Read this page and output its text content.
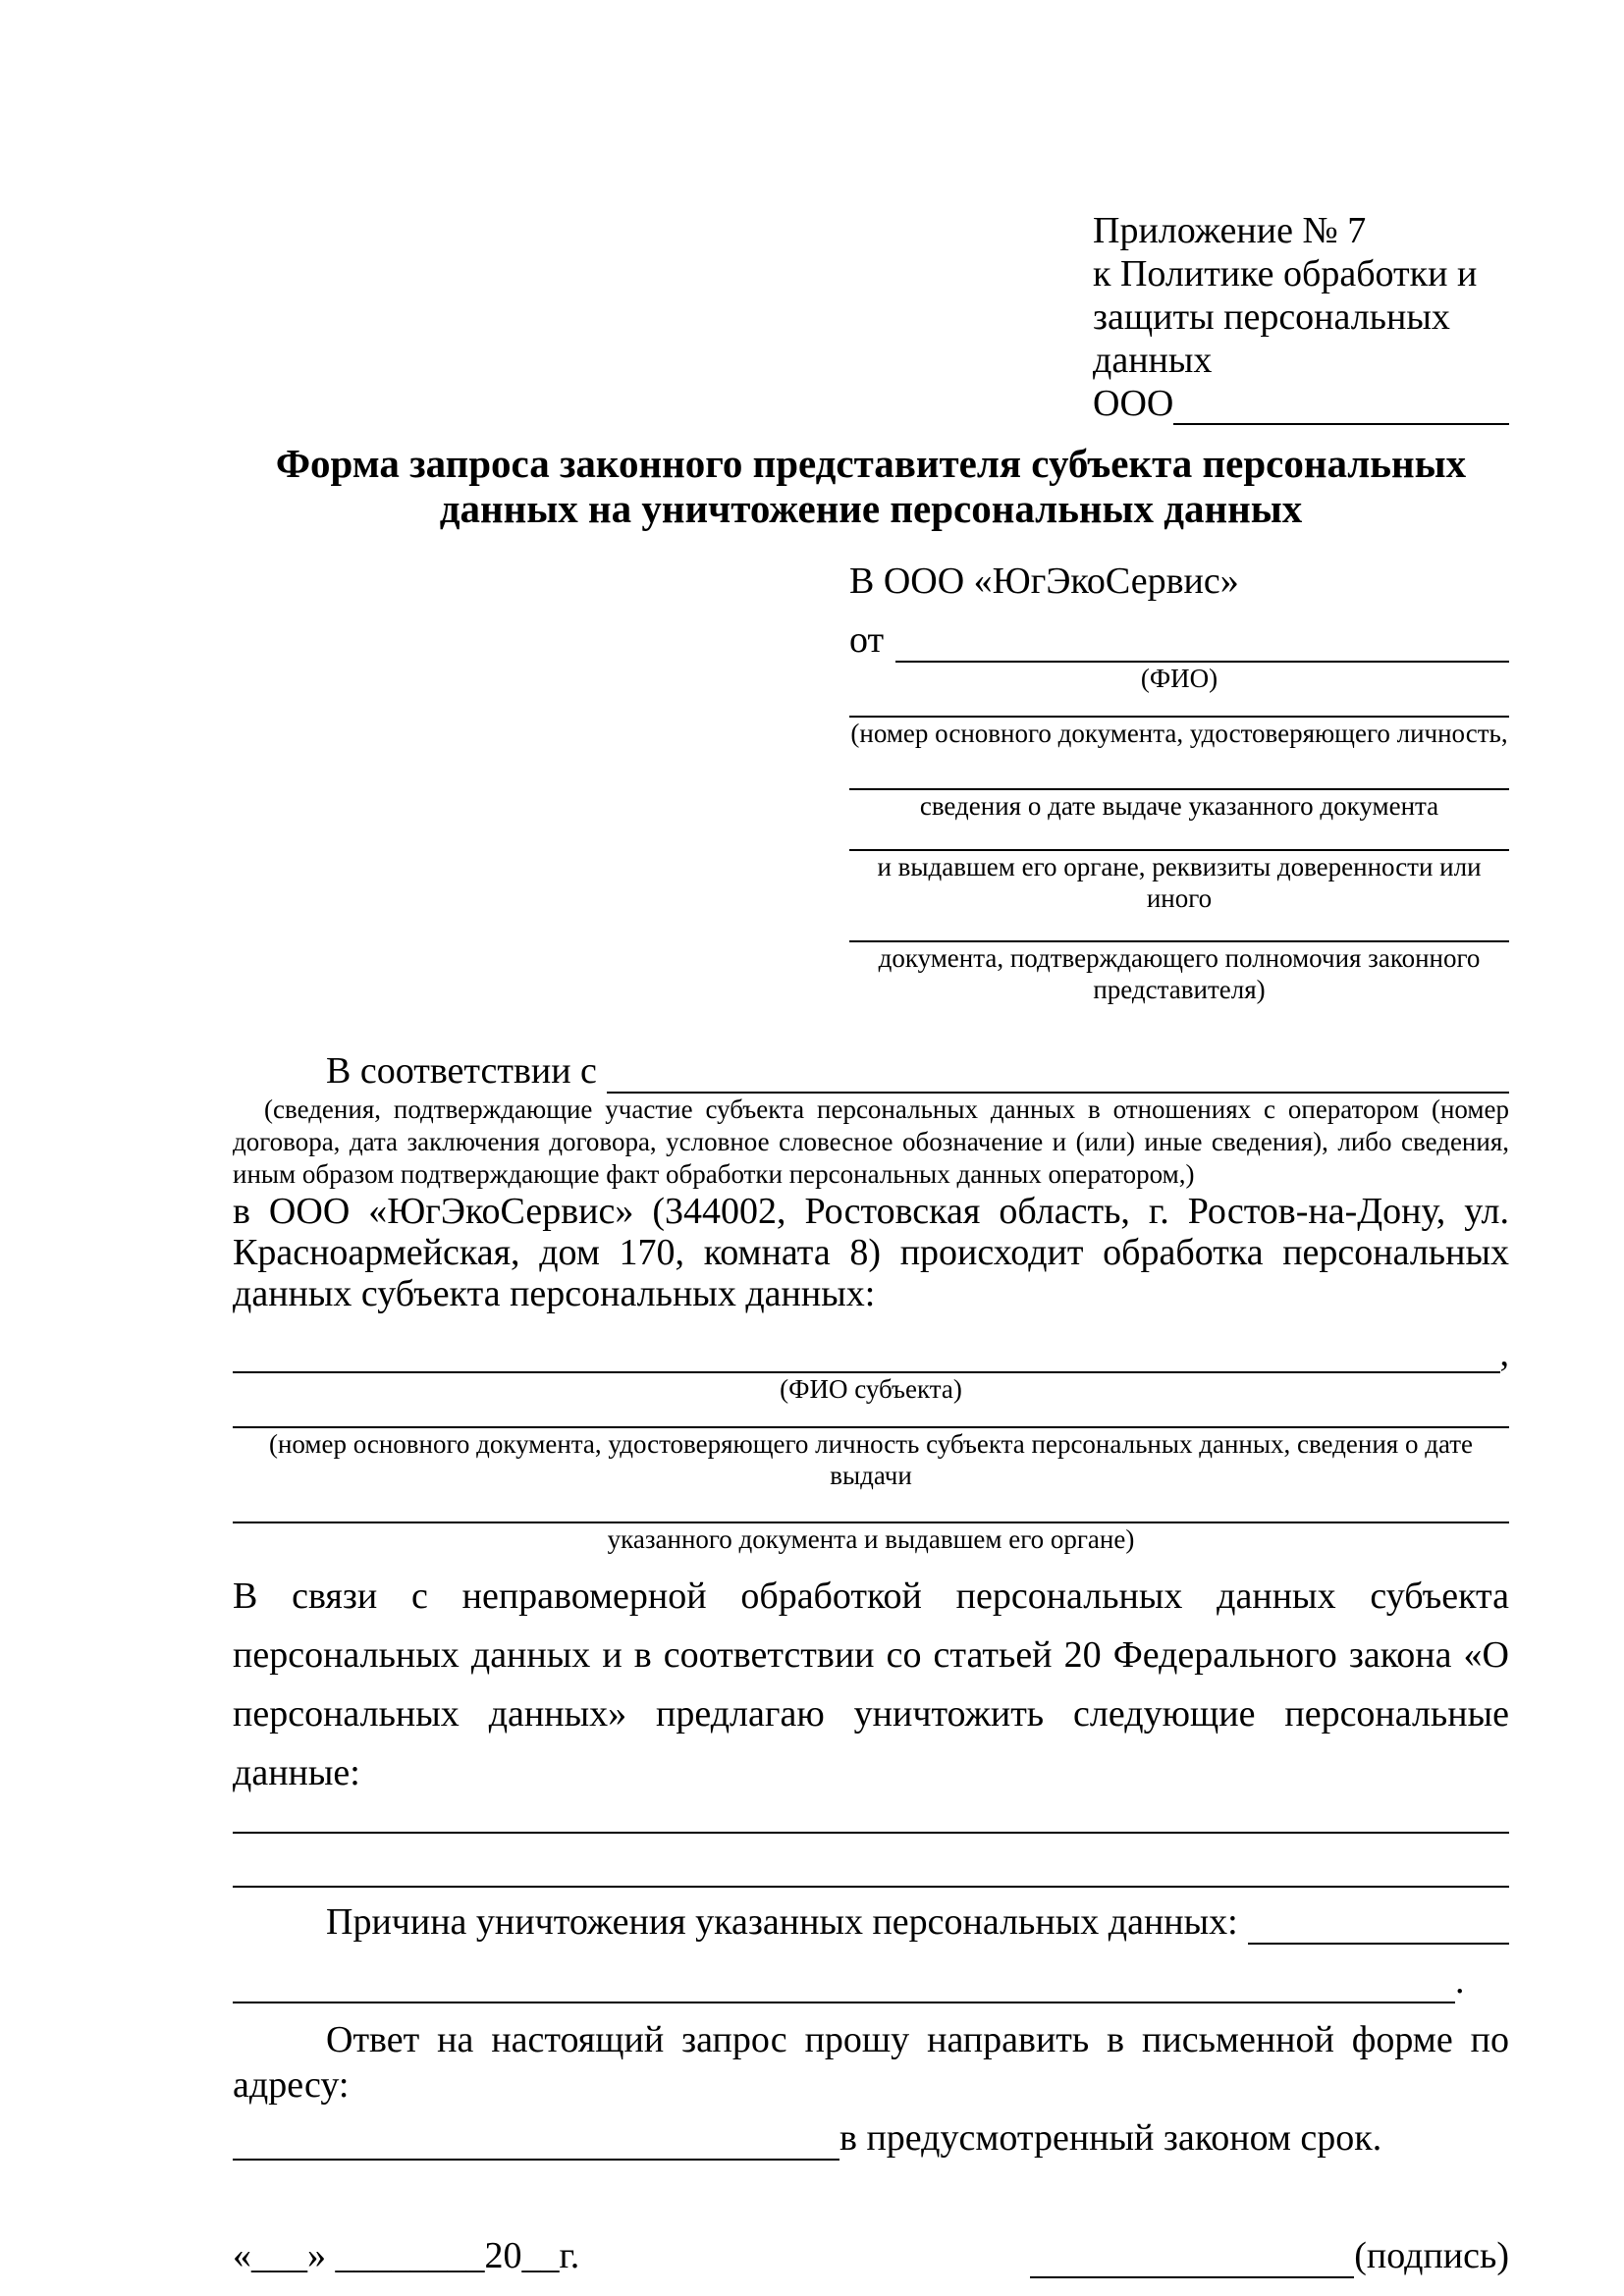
Приложение № 7
к Политике обработки и
защиты персональных данных
ООО
Форма запроса законного представителя субъекта персональных
данных на уничтожение персональных данных
В ООО «ЮгЭкоСервис»
от
(ФИО)
(номер основного документа, удостоверяющего личность,
сведения о дате выдаче указанного документа
и выдавшем его органе, реквизиты доверенности или иного
документа, подтверждающего полномочия законного представителя)
В соответствии с
(сведения, подтверждающие участие субъекта персональных данных в отношениях с оператором (номер договора, дата заключения договора, условное словесное обозначение и (или) иные сведения), либо сведения, иным образом подтверждающие факт обработки персональных данных оператором,)
в ООО «ЮгЭкоСервис» (344002, Ростовская область, г. Ростов-на-Дону, ул. Красноармейская, дом 170, комната 8) происходит обработка персональных данных субъекта персональных данных:
,
(ФИО субъекта)
(номер основного документа, удостоверяющего личность субъекта персональных данных, сведения о дате выдачи
указанного документа и выдавшем его органе)
В связи с неправомерной обработкой персональных данных субъекта персональных данных и в соответствии со статьей 20 Федерального закона «О персональных данных» предлагаю уничтожить следующие персональные данные:
Причина уничтожения указанных персональных данных:
.
Ответ на настоящий запрос прошу направить в письменной форме по адресу:
в предусмотренный законом срок.
«___» ________20__г.	(подпись)
